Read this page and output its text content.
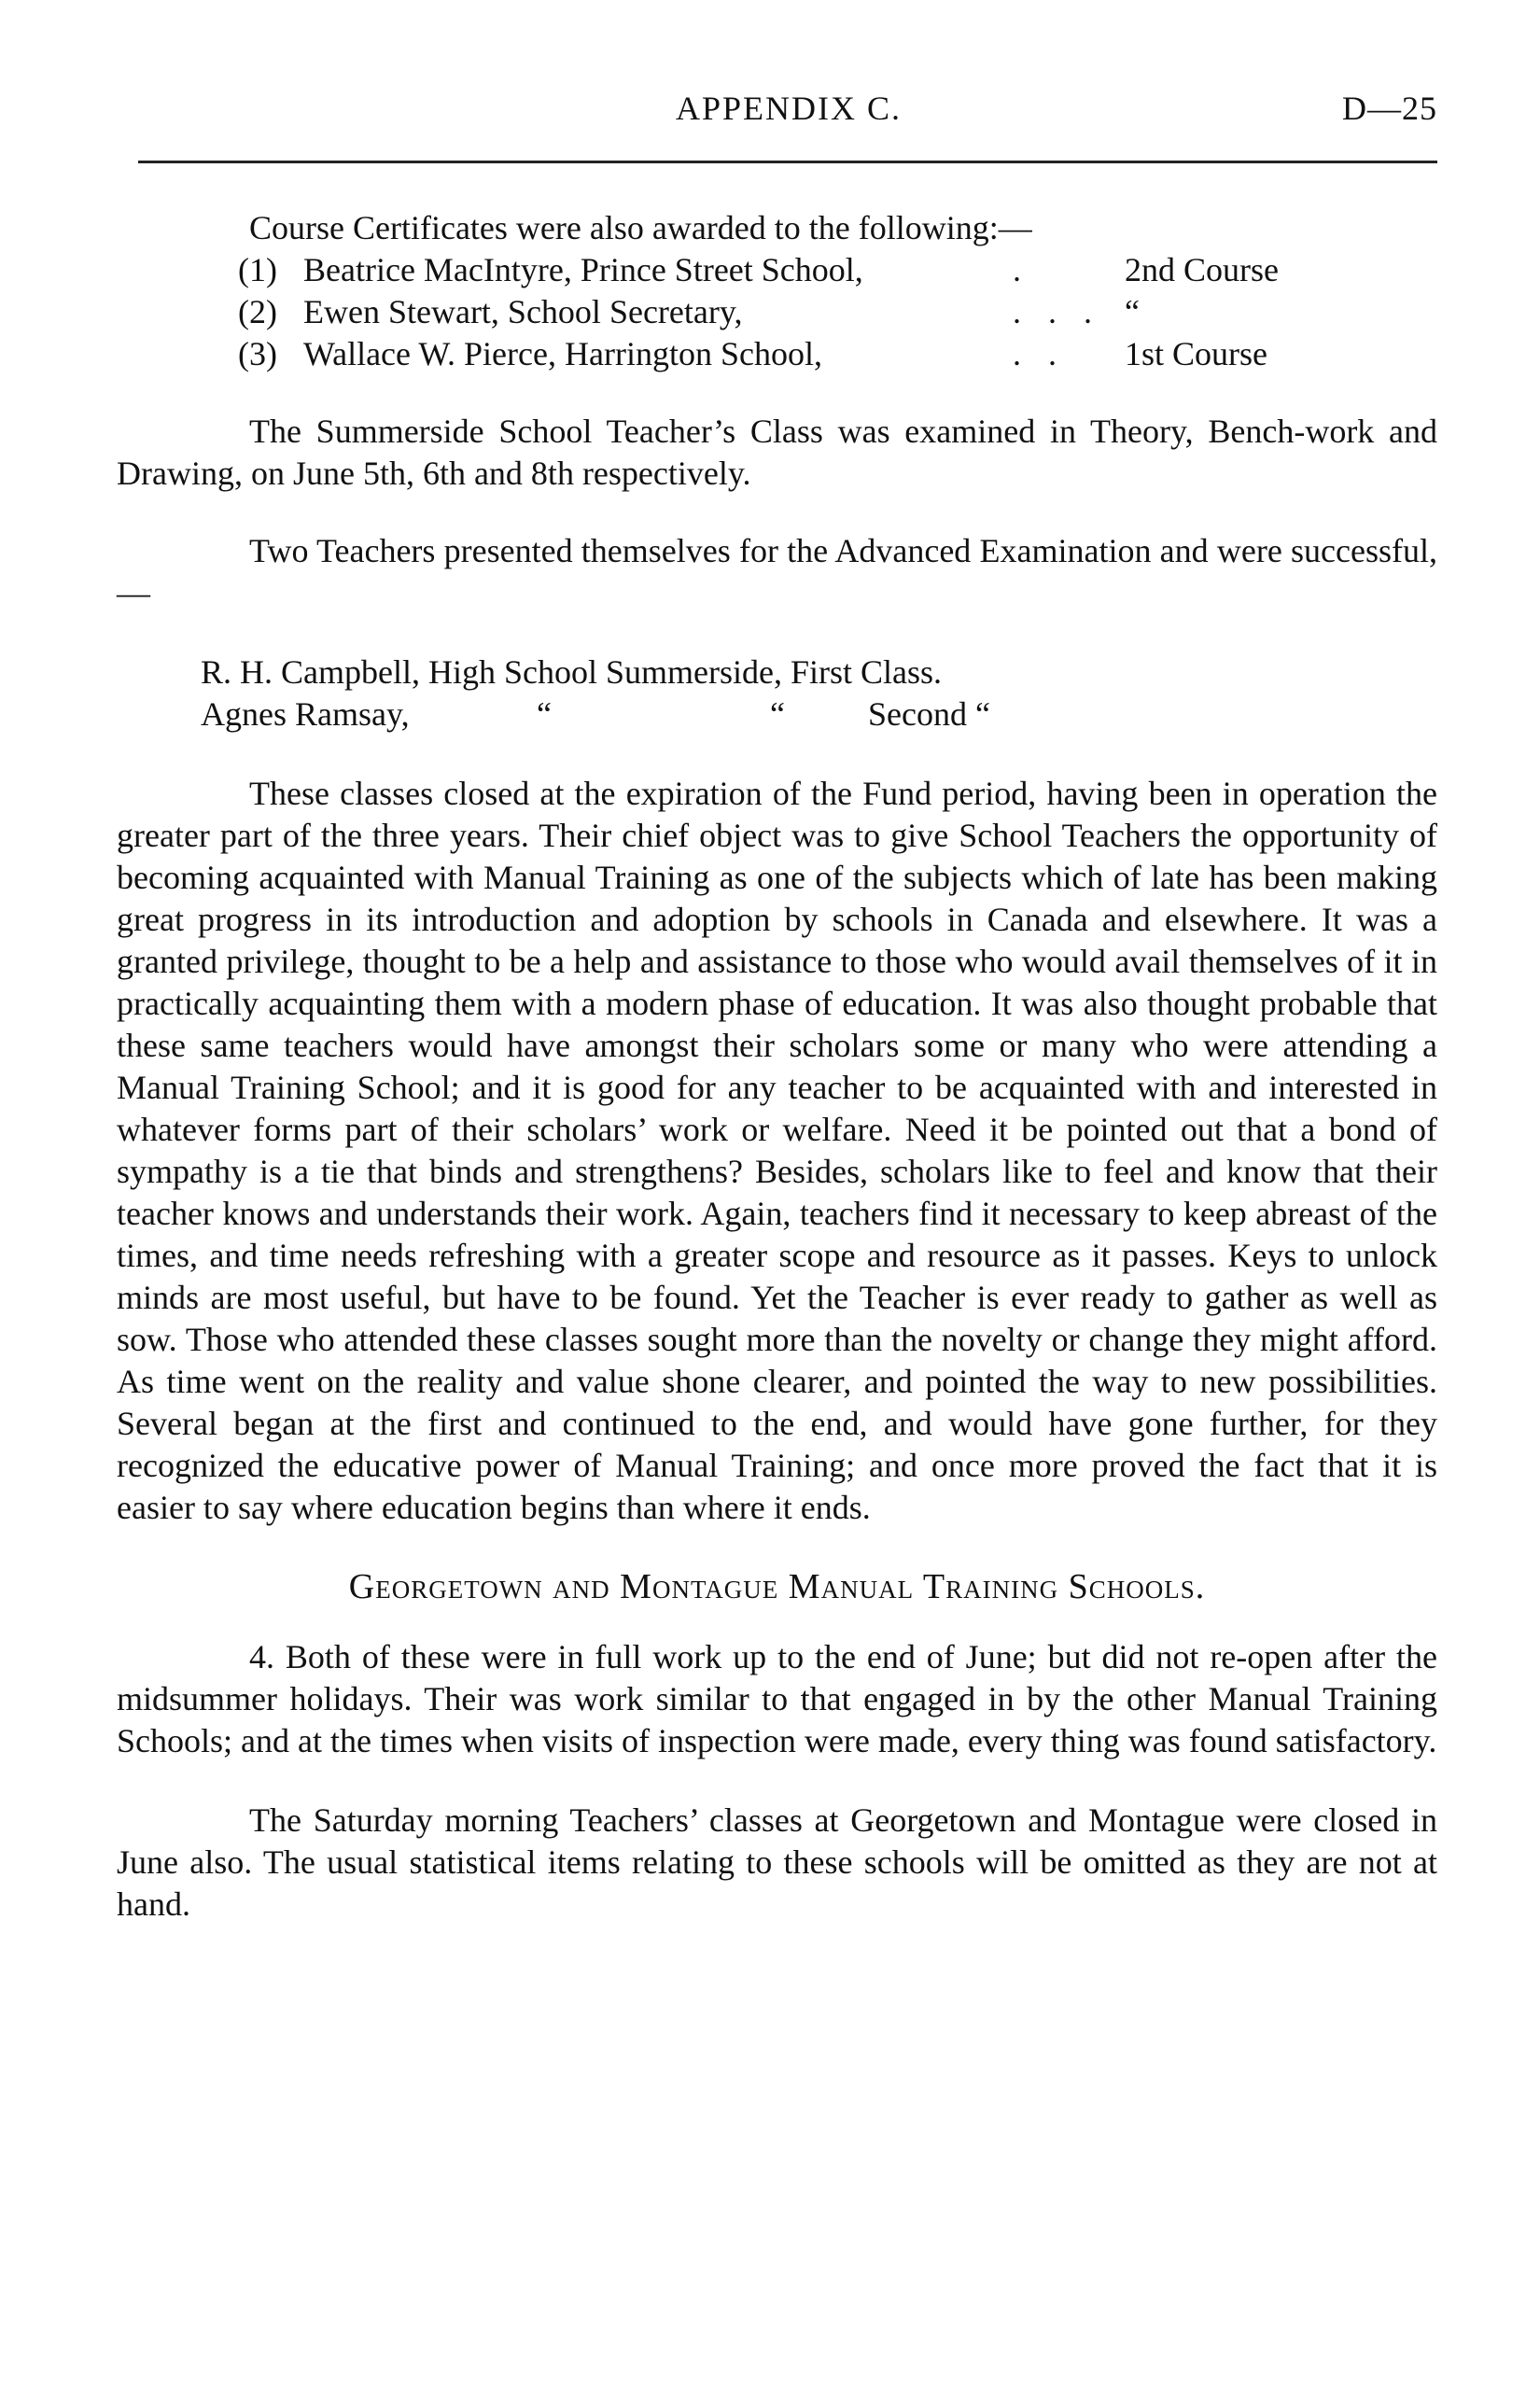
APPENDIX C.	D—25

Course Certificates were also awarded to the following:—

(1) Beatrice MacIntyre, Prince Street School,	.	2nd Course
(2) Ewen Stewart, School Secretary,	. . . “
(3) Wallace W. Pierce, Harrington School,	. .	1st Course

The Summerside School Teacher’s Class was examined in Theory, Bench-work and Drawing, on June 5th, 6th and 8th respectively.

Two Teachers presented themselves for the Advanced Examination and were successful,—

R. H. Campbell, High School Summerside, First Class.
Agnes Ramsay,	“	“	Second “

These classes closed at the expiration of the Fund period, having been in operation the greater part of the three years. Their chief object was to give School Teachers the opportunity of becoming acquainted with Manual Training as one of the subjects which of late has been making great progress in its introduction and adoption by schools in Canada and elsewhere. It was a granted privilege, thought to be a help and assistance to those who would avail themselves of it in practically acquainting them with a modern phase of education. It was also thought probable that these same teachers would have amongst their scholars some or many who were attending a Manual Training School; and it is good for any teacher to be acquainted with and interested in whatever forms part of their scholars’ work or welfare. Need it be pointed out that a bond of sympathy is a tie that binds and strengthens? Besides, scholars like to feel and know that their teacher knows and understands their work. Again, teachers find it necessary to keep abreast of the times, and time needs refreshing with a greater scope and resource as it passes. Keys to unlock minds are most useful, but have to be found. Yet the Teacher is ever ready to gather as well as sow. Those who attended these classes sought more than the novelty or change they might afford. As time went on the reality and value shone clearer, and pointed the way to new possibilities. Several began at the first and continued to the end, and would have gone further, for they recognized the educative power of Manual Training; and once more proved the fact that it is easier to say where education begins than where it ends.

Georgetown and Montague Manual Training Schools.

4. Both of these were in full work up to the end of June; but did not re-open after the midsummer holidays. Their was work similar to that engaged in by the other Manual Training Schools; and at the times when visits of inspection were made, every thing was found satisfactory.

The Saturday morning Teachers’ classes at Georgetown and Montague were closed in June also. The usual statistical items relating to these schools will be omitted as they are not at hand.
